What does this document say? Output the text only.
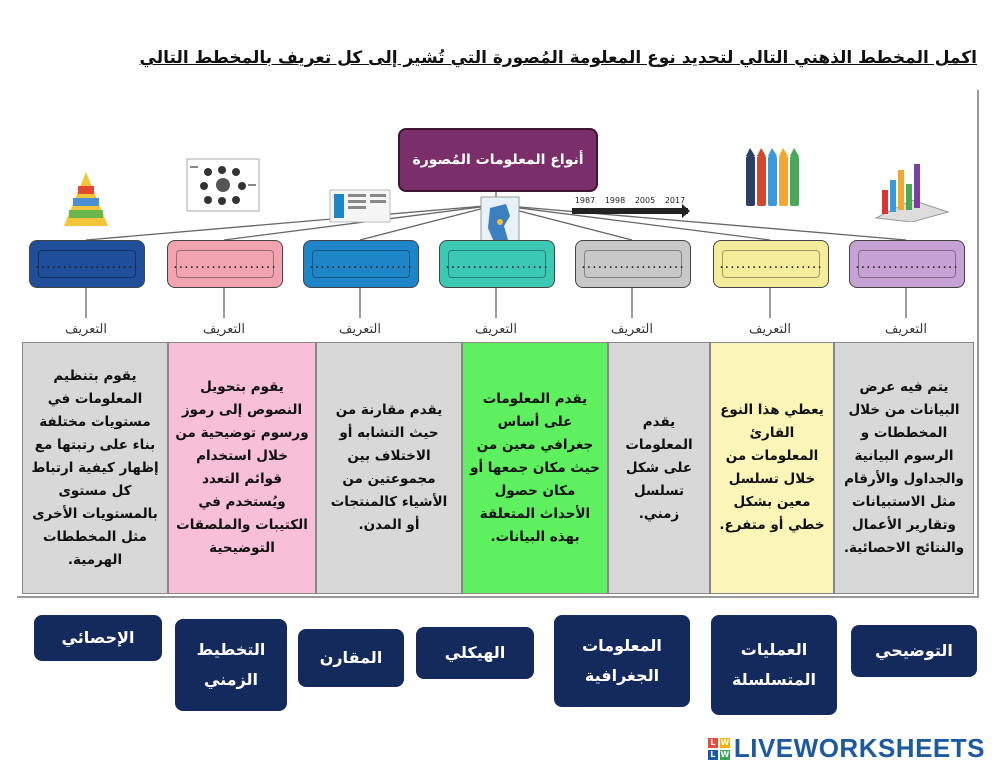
اكمل المخطط الذهني التالي لتحديد نوع المعلومة المُصورة التي تُشير إلى كل تعريف بالمخطط التالي
أنواع المعلومات المُصورة
1987 1998 2005 2017
................... ................... ................... ................... ................... ................... ...................
التعريف	التعريف	التعريف	التعريف	التعريف	التعريف	التعريف
يقوم بتنظيم المعلومات في مستويات مختلفة بناء على رتبتها مع إظهار كيفية ارتباط كل مستوى بالمستويات الأخرى مثل المخططات الهرمية.
يقوم بتحويل النصوص إلى رموز ورسوم توضيحية من خلال استخدام قوائم التعدد ويُستخدم في الكتيبات والملصقات التوضيحية
يقدم مقارنة من حيث التشابه أو الاختلاف بين مجموعتين من الأشياء كالمنتجات أو المدن.
يقدم المعلومات على أساس جغرافي معين من حيث مكان جمعها أو مكان حصول الأحداث المتعلقة بهذه البيانات.
يقدم المعلومات على شكل تسلسل زمني.
يعطي هذا النوع القارئ المعلومات من خلال تسلسل معين بشكل خطي أو متفرع.
يتم فيه عرض البيانات من خلال المخططات و الرسوم البيانية والجداول والأرقام مثل الاستبيانات وتقارير الأعمال والنتائج الاحصائية.
الإحصائي
التخطيط الزمني
المقارن	الهيكلي	المعلومات الجغرافية
العمليات المتسلسلة
التوضيحي
L W
L W LIVEWORKSHEETS
